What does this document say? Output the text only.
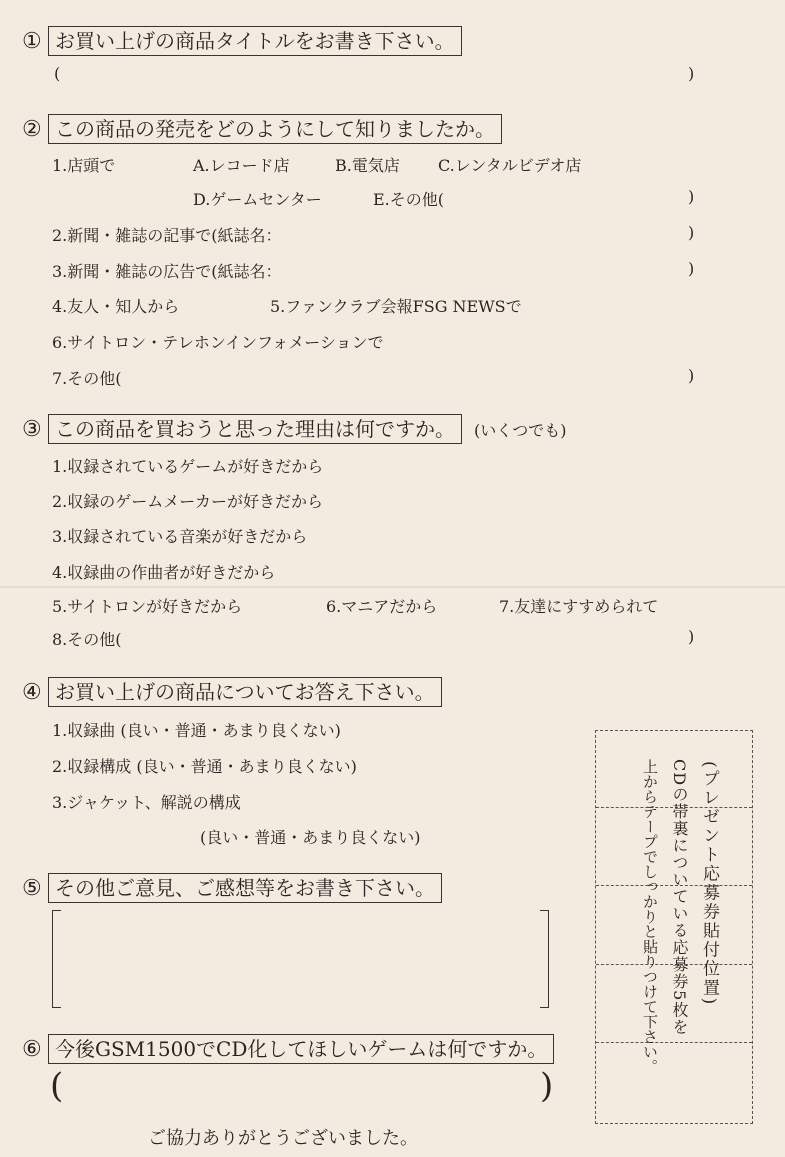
① お買い上げの商品タイトルをお書き下さい。
(	)
② この商品の発売をどのようにして知りましたか。
1.店頭で	A.レコード店	B.電気店 C.レンタルビデオ店
D.ゲームセンター	E.その他(	)
2.新聞・雑誌の記事で(紙誌名：	)
3.新聞・雑誌の広告で(紙誌名：	)
4.友人・知人から	5.ファンクラブ会報FSG NEWSで
6.サイトロン・テレホンインフォメーションで
7.その他(	)
③ この商品を買おうと思った理由は何ですか。 (いくつでも)
1.収録されているゲームが好きだから
2.収録のゲームメーカーが好きだから
3.収録されている音楽が好きだから
4.収録曲の作曲者が好きだから
5.サイトロンが好きだから	6.マニアだから	7.友達にすすめられて
8.その他(	)
④ お買い上げの商品についてお答え下さい。
1.収録曲 (良い・普通・あまり良くない)
2.収録構成 (良い・普通・あまり良くない)
3.ジャケット、解説の構成
(良い・普通・あまり良くない)
⑤ その他ご意見、ご感想等をお書き下さい。
⑥ 今後GSM1500でCD化してほしいゲームは何ですか。
(	)
(プレゼント応募券貼付位置)
CDの帯裏についている応募券5枚を
上からテープでしっかりと貼りつけて下さい。
ご協力ありがとうございました。
